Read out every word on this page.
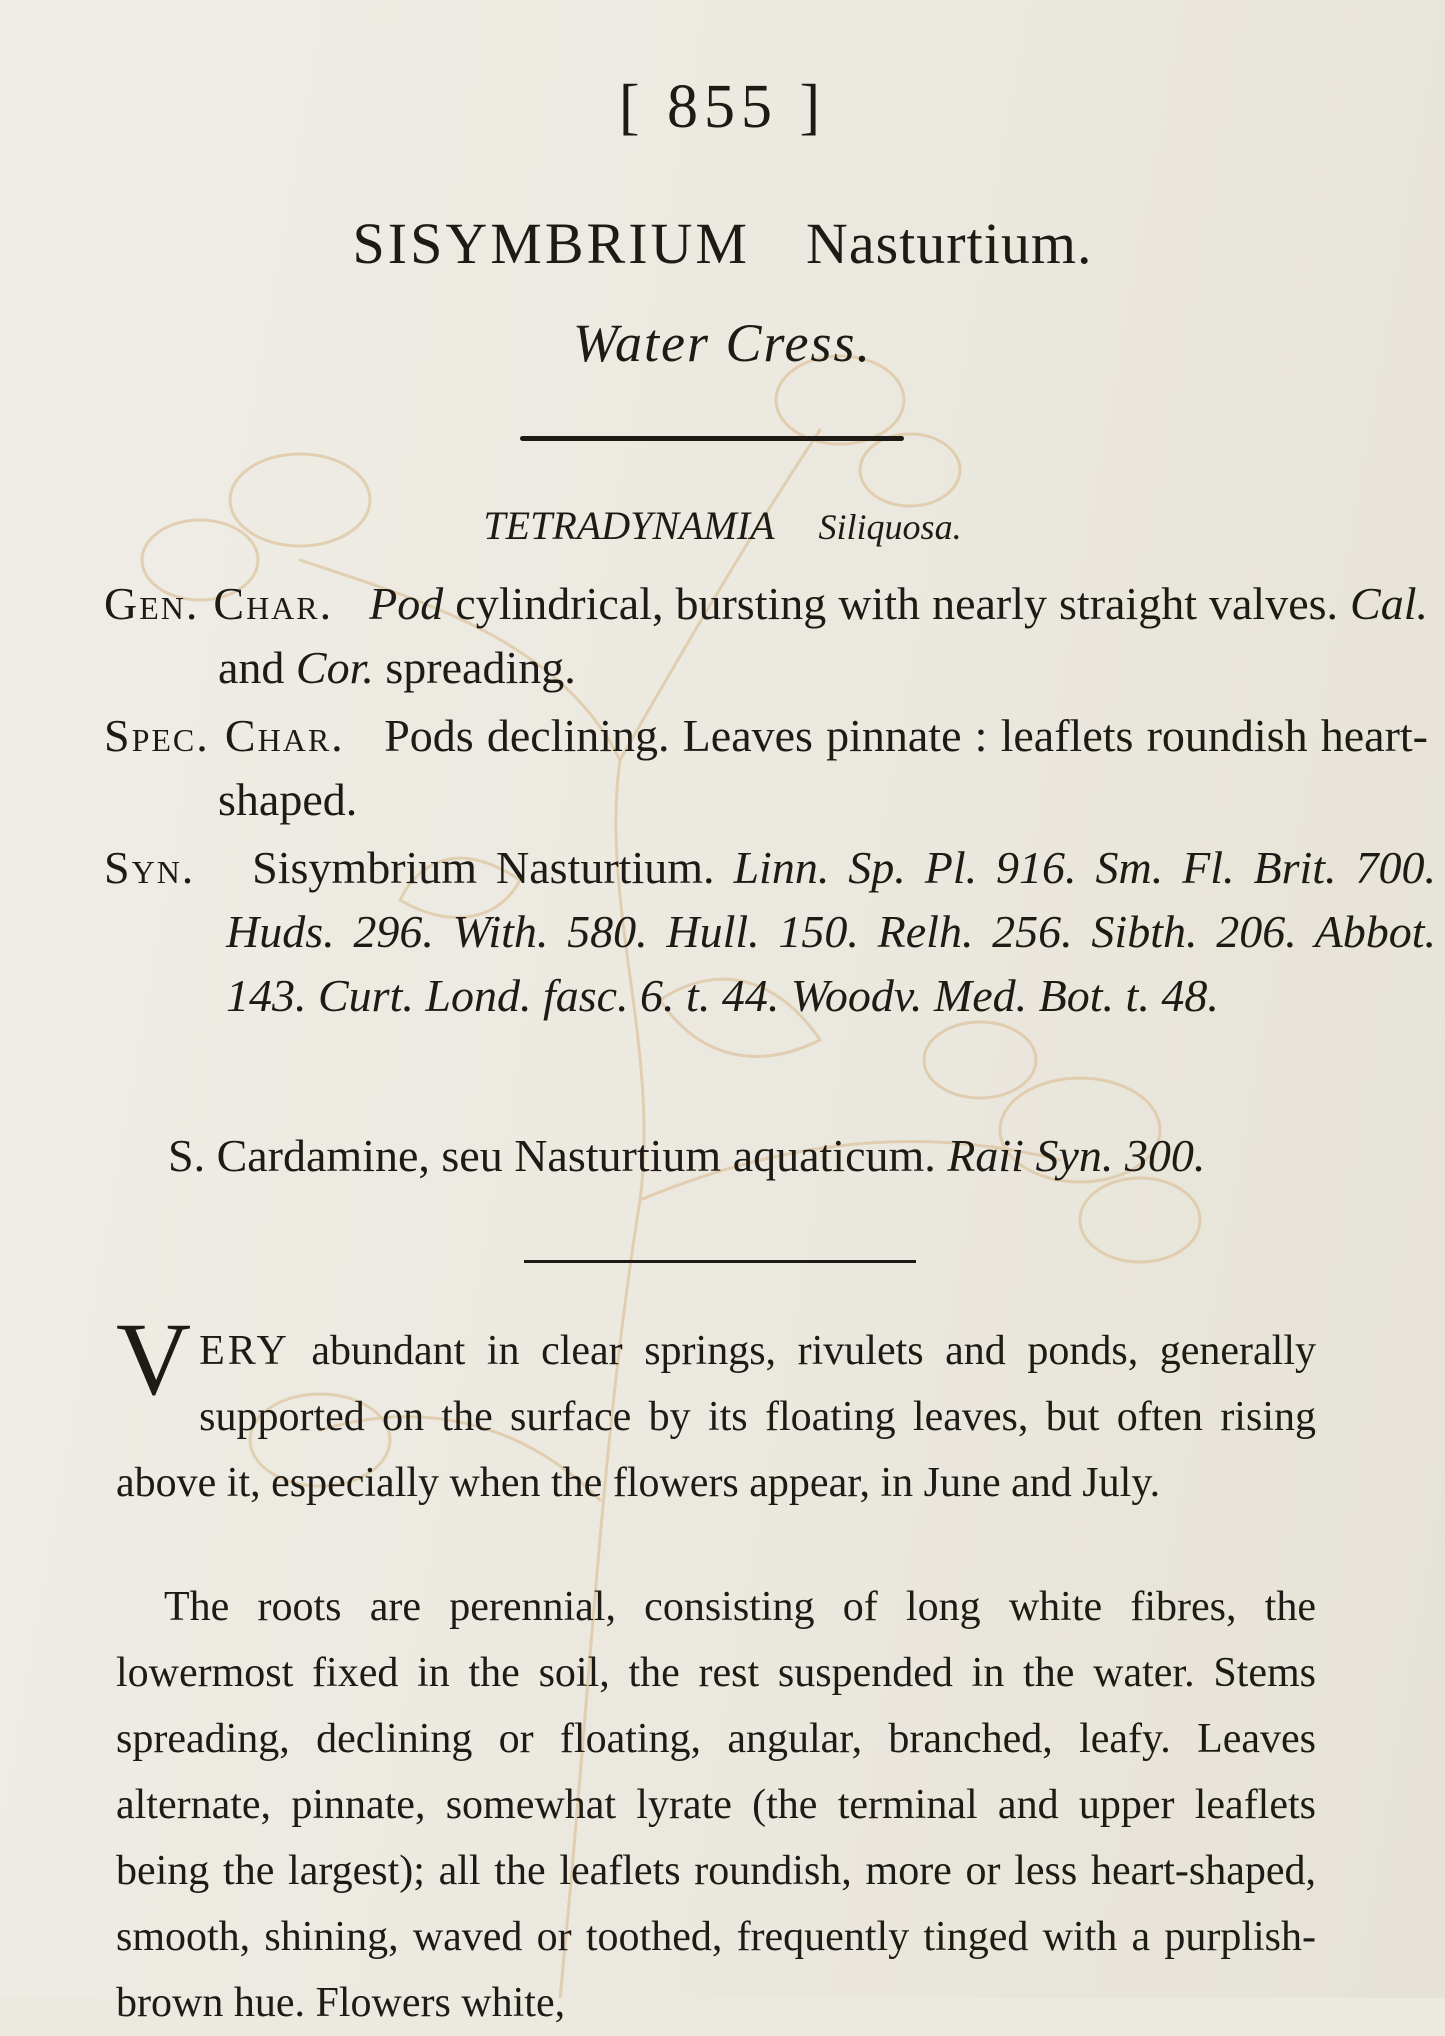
[ 855 ]
SISYMBRIUM Nasturtium.
Water Cress.
TETRADYNAMIA Siliquosa.
Gen. Char. Pod cylindrical, bursting with nearly straight valves. Cal. and Cor. spreading.
Spec. Char. Pods declining. Leaves pinnate : leaflets roundish heart-shaped.
Syn. Sisymbrium Nasturtium. Linn. Sp. Pl. 916. Sm. Fl. Brit. 700. Huds. 296. With. 580. Hull. 150. Relh. 256. Sibth. 206. Abbot. 143. Curt. Lond. fasc. 6. t. 44. Woodv. Med. Bot. t. 48.
S. Cardamine, seu Nasturtium aquaticum. Raii Syn. 300.
VERY abundant in clear springs, rivulets and ponds, generally supported on the surface by its floating leaves, but often rising above it, especially when the flowers appear, in June and July.
The roots are perennial, consisting of long white fibres, the lowermost fixed in the soil, the rest suspended in the water. Stems spreading, declining or floating, angular, branched, leafy. Leaves alternate, pinnate, somewhat lyrate (the terminal and upper leaflets being the largest); all the leaflets roundish, more or less heart-shaped, smooth, shining, waved or toothed, frequently tinged with a purplish-brown hue. Flowers white,
